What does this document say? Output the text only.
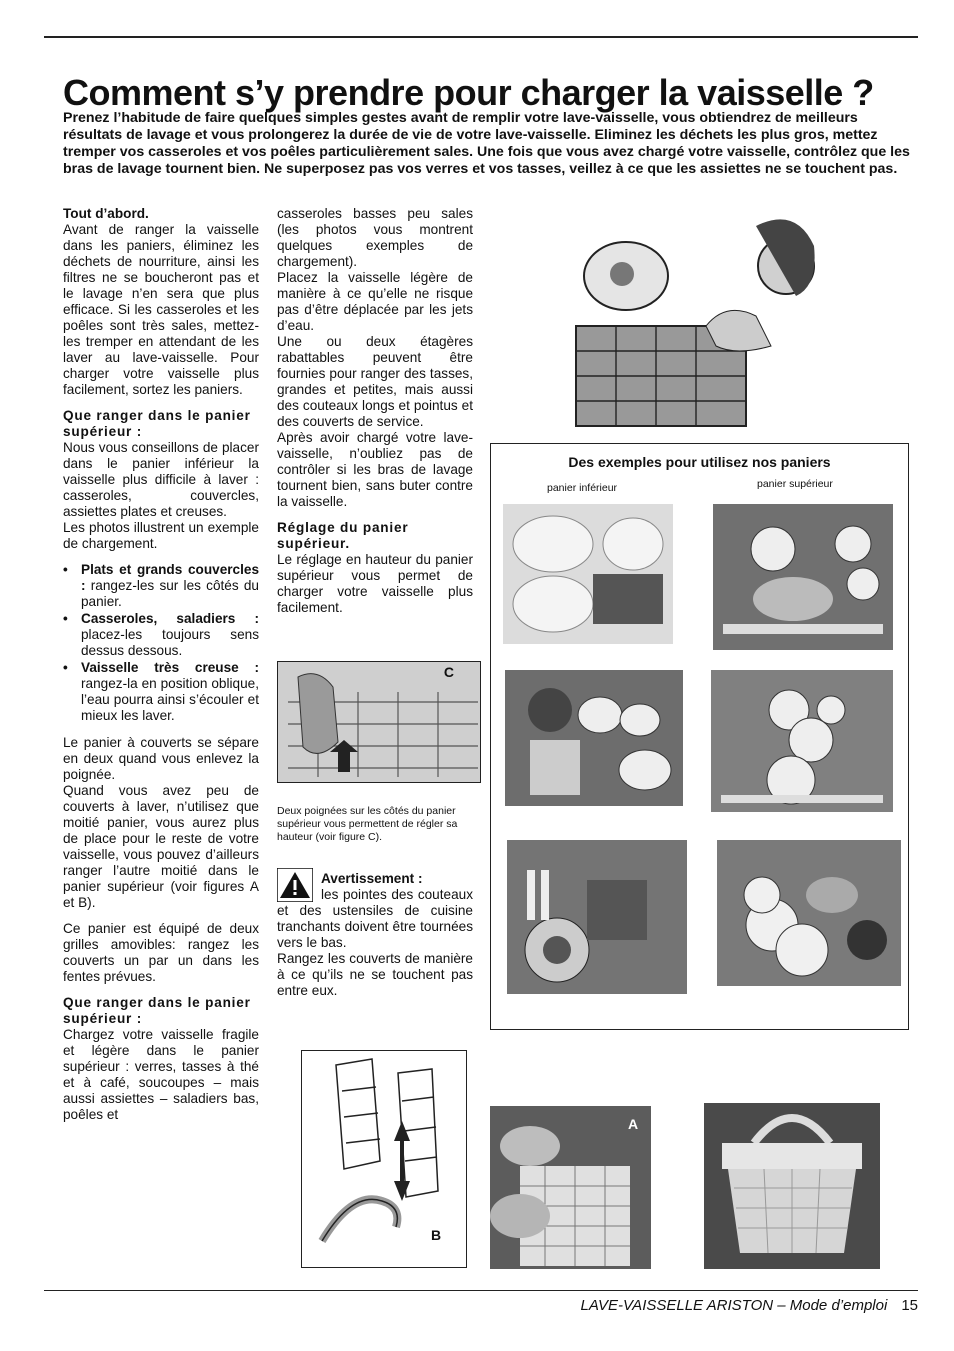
Comment s’y prendre pour charger la vaisselle ?
Prenez l’habitude de faire quelques simples gestes avant de remplir votre lave-vaisselle, vous obtiendrez de meilleurs résultats de lavage et vous prolongerez la durée de vie de votre lave-vaisselle. Eliminez les déchets les plus gros, mettez tremper vos casseroles et vos poêles particulièrement sales. Une fois que vous avez chargé votre vaisselle, contrôlez que les bras de lavage tournent bien. Ne superposez pas vos verres et vos tasses, veillez à ce que les assiettes ne se touchent pas.
Tout d’abord.

Avant de ranger la vaisselle dans les paniers, éliminez les déchets de nourriture, ainsi les filtres ne se boucheront pas et le lavage n’en sera que plus efficace. Si les casseroles et les poêles sont très sales, mettez-les tremper en attendant de les laver au lave-vaisselle. Pour charger votre vaisselle plus facilement, sortez les paniers.

Que ranger dans le panier supérieur :

Nous vous conseillons de placer dans le panier inférieur la vaisselle plus difficile à laver : casseroles, couvercles, assiettes plates et creuses.

Les photos illustrent un exemple de chargement.

• Plats et grands couvercles : rangez-les sur les côtés du panier.
• Casseroles, saladiers : placez-les toujours sens dessus dessous.
• Vaisselle très creuse : rangez-la en position oblique, l’eau pourra ainsi s’écouler et mieux les laver.

Le panier à couverts se sépare en deux quand vous enlevez la poignée.

Quand vous avez peu de couverts à laver, n’utilisez que moitié panier, vous aurez plus de place pour le reste de votre vaisselle, vous pouvez d’ailleurs ranger l’autre moitié dans le panier supérieur (voir figures A et B).

Ce panier est équipé de deux grilles amovibles: rangez les couverts un par un dans les fentes prévues.

Que ranger dans le panier supérieur :

Chargez votre vaisselle fragile et légère dans le panier supérieur : verres, tasses à thé et à café, soucoupes – mais aussi assiettes – saladiers bas, poêles et

casseroles basses peu sales (les photos vous montrent quelques exemples de chargement).

Placez la vaisselle légère de manière à ce qu’elle ne risque pas d’être déplacée par les jets d’eau.

Une ou deux étagères rabattables peuvent être fournies pour ranger des tasses, grandes et petites, mais aussi des couteaux longs et pointus et des couverts de service.

Après avoir chargé votre lave-vaisselle, n’oubliez pas de contrôler si les bras de lavage tournent bien, sans buter contre la vaisselle.

Réglage du panier supérieur.

Le réglage en hauteur du panier supérieur vous permet de charger votre vaisselle plus facilement.

C
Deux poignées sur les côtés du panier supérieur vous permettent de régler sa hauteur (voir figure C).

Avertissement :

les pointes des couteaux et des ustensiles de cuisine tranchants doivent être tournées vers le bas.

Rangez les couverts de manière à ce qu’ils ne se touchent pas entre eux.

Des exemples pour utilisez nos paniers
panier inférieur	panier supérieur
B
A
LAVE-VAISSELLE ARISTON – Mode d’emploi 15
